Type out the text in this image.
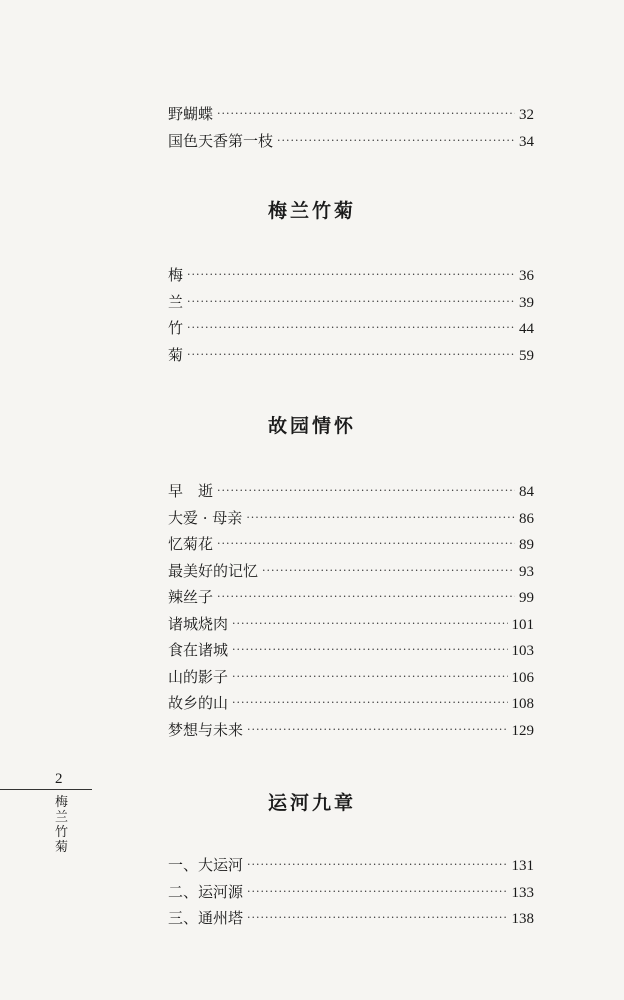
野蝴蝶 ·····	32
国色天香第一枝 ·····	34
梅兰竹菊
梅 ·····	36
兰 ·····	39
竹 ·····	44
菊 ·····	59
故园情怀
早　逝 ·····	84
大爱 · 母亲 ·····	86
忆菊花 ·····	89
最美好的记忆 ·····	93
辣丝子 ·····	99
诸城烧肉 ·····	101
食在诸城 ·····	103
山的影子 ·····	106
故乡的山 ·····	108
梦想与未来 ·····	129
2
梅兰竹菊
运河九章
一、大运河 ·····	131
二、运河源 ·····	133
三、通州塔 ·····	138
